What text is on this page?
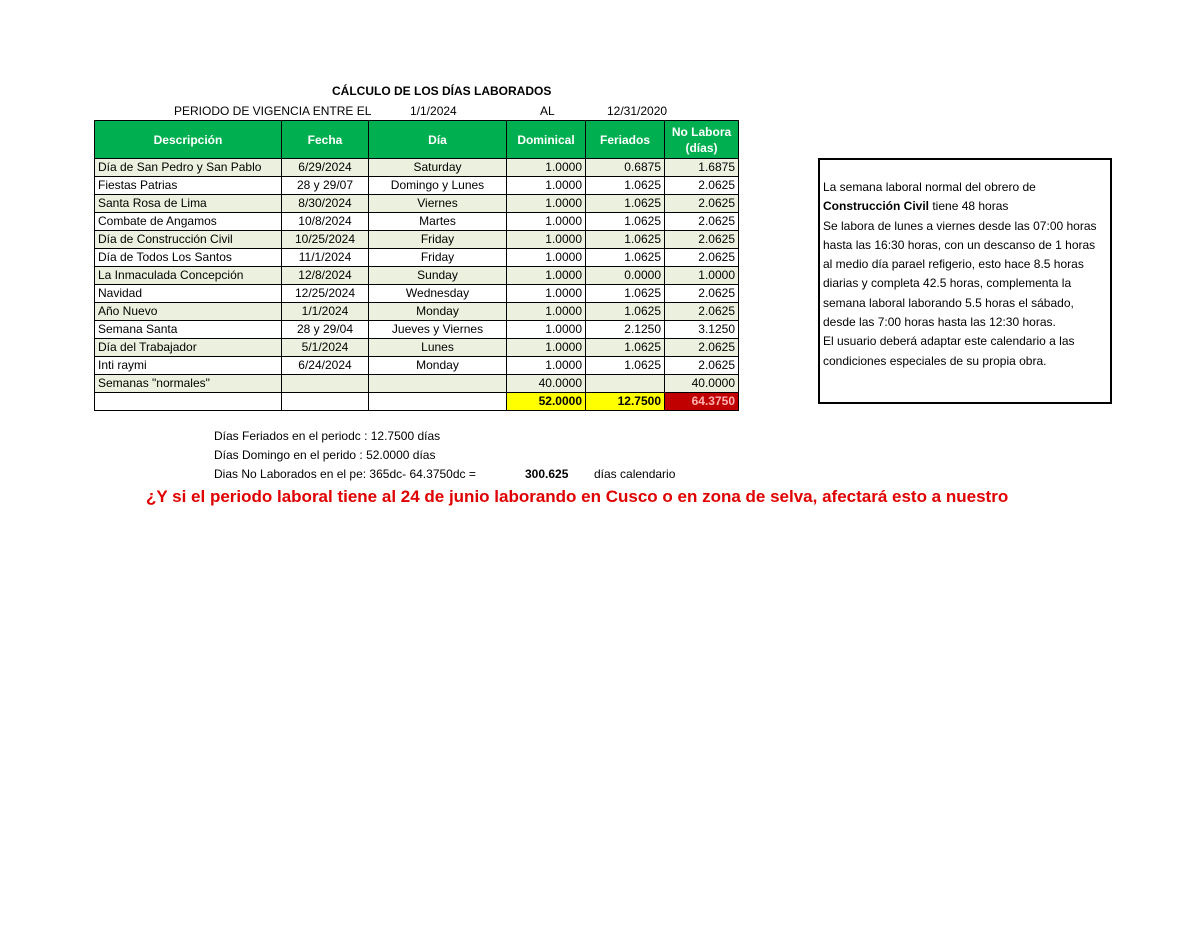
CÁLCULO DE LOS DÍAS LABORADOS
PERIODO DE VIGENCIA ENTRE EL	1/1/2024	AL	12/31/2020
Descripción	Fecha	Día	Dominical	Feriados	No Labora
(días)
Día de San Pedro y San Pablo	6/29/2024	Saturday	1.0000	0.6875	1.6875
Fiestas Patrias	28 y 29/07	Domingo y Lunes	1.0000	1.0625	2.0625
Santa Rosa de Lima	8/30/2024	Viernes	1.0000	1.0625	2.0625
Combate de Angamos	10/8/2024	Martes	1.0000	1.0625	2.0625
Día de Construcción Civil	10/25/2024	Friday	1.0000	1.0625	2.0625
Día de Todos Los Santos	11/1/2024	Friday	1.0000	1.0625	2.0625
La Inmaculada Concepción	12/8/2024	Sunday	1.0000	0.0000	1.0000
Navidad	12/25/2024	Wednesday	1.0000	1.0625	2.0625
Año Nuevo	1/1/2024	Monday	1.0000	1.0625	2.0625
Semana Santa	28 y 29/04	Jueves y Viernes	1.0000	2.1250	3.1250
Día del Trabajador	5/1/2024	Lunes	1.0000	1.0625	2.0625
Inti raymi	6/24/2024	Monday	1.0000	1.0625	2.0625
Semanas "normales"			40.0000		40.0000
			52.0000	12.7500	64.3750

La semana laboral normal del obrero de

Construcción Civil tiene 48 horas

Se labora de lunes a viernes desde las 07:00 horas hasta las 16:30 horas, con un descanso de 1 horas al medio día parael refigerio, esto hace 8.5 horas diarias y completa 42.5 horas, complementa la semana laboral laborando 5.5 horas el sábado, desde las 7:00 horas hasta las 12:30 horas.

El usuario deberá adaptar este calendario a las condiciones especiales de su propia obra.

Días Feriados en el periodc : 12.7500 días
Días Domingo en el perido : 52.0000 días
Dias No Laborados en el pe: 365dc- 64.3750dc =	300.625 días calendario
¿Y si el periodo laboral tiene al 24 de junio laborando en Cusco o en zona de selva, afectará esto a nuestro
